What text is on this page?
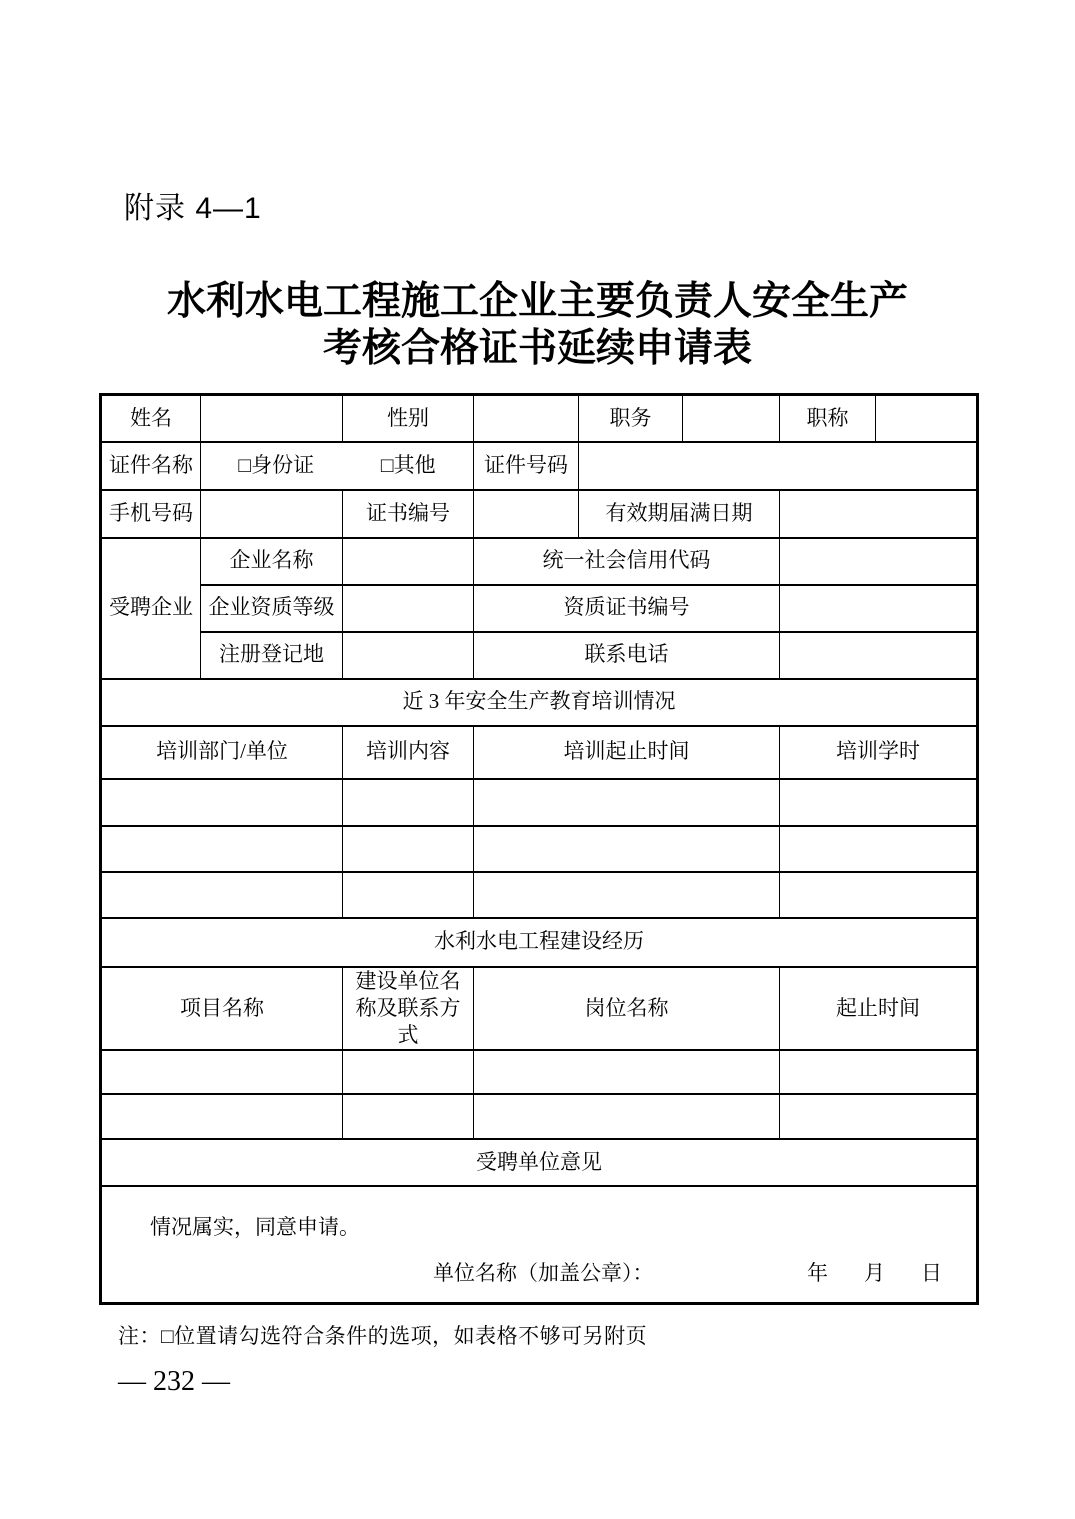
附录 4—1
水利水电工程施工企业主要负责人安全生产
考核合格证书延续申请表
姓名		性别		职务		职称	
证件名称	□身份证 □其他		证件号码				
手机号码		证书编号		有效期届满日期			
受聘企业	企业名称		统一社会信用代码				
	企业资质等级		资质证书编号				
	注册登记地		联系电话				
近 3 年安全生产教育培训情况							
培训部门/单位		培训内容	培训起止时间			培训学时	

水利水电工程建设经历							
项目名称		建设单位名称及联系方式	岗位名称			起止时间	

受聘单位意见							

情况属实，同意申请。
单位名称（加盖公章）： 年 月 日							
注：□位置请勾选符合条件的选项，如表格不够可另附页
— 232 —
